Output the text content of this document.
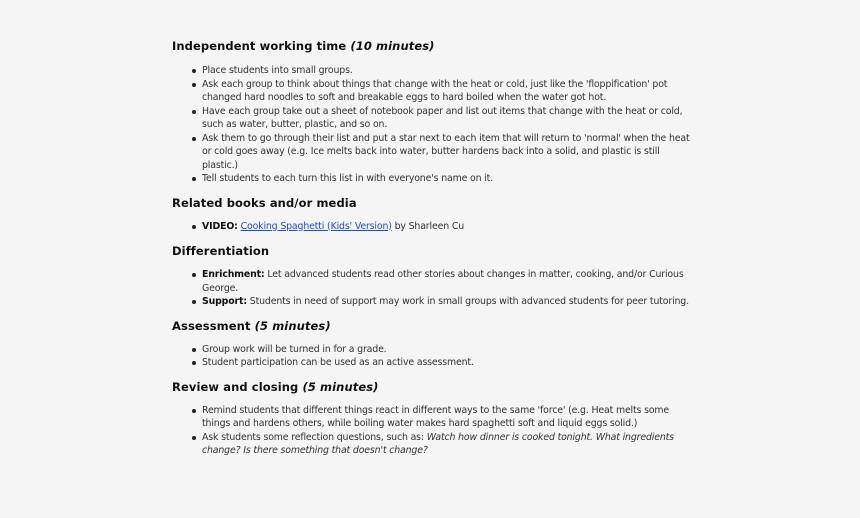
Independent working time (10 minutes)
Place students into small groups.
Ask each group to think about things that change with the heat or cold, just like the 'floppification' pot changed hard noodles to soft and breakable eggs to hard boiled when the water got hot.
Have each group take out a sheet of notebook paper and list out items that change with the heat or cold, such as water, butter, plastic, and so on.
Ask them to go through their list and put a star next to each item that will return to 'normal' when the heat or cold goes away (e.g. Ice melts back into water, butter hardens back into a solid, and plastic is still plastic.)
Tell students to each turn this list in with everyone's name on it.
Related books and/or media
VIDEO: Cooking Spaghetti (Kids' Version) by Sharleen Cu
Differentiation
Enrichment: Let advanced students read other stories about changes in matter, cooking, and/or Curious George.
Support: Students in need of support may work in small groups with advanced students for peer tutoring.
Assessment (5 minutes)
Group work will be turned in for a grade.
Student participation can be used as an active assessment.
Review and closing (5 minutes)
Remind students that different things react in different ways to the same 'force' (e.g. Heat melts some things and hardens others, while boiling water makes hard spaghetti soft and liquid eggs solid.)
Ask students some reflection questions, such as: Watch how dinner is cooked tonight. What ingredients change? Is there something that doesn't change?
